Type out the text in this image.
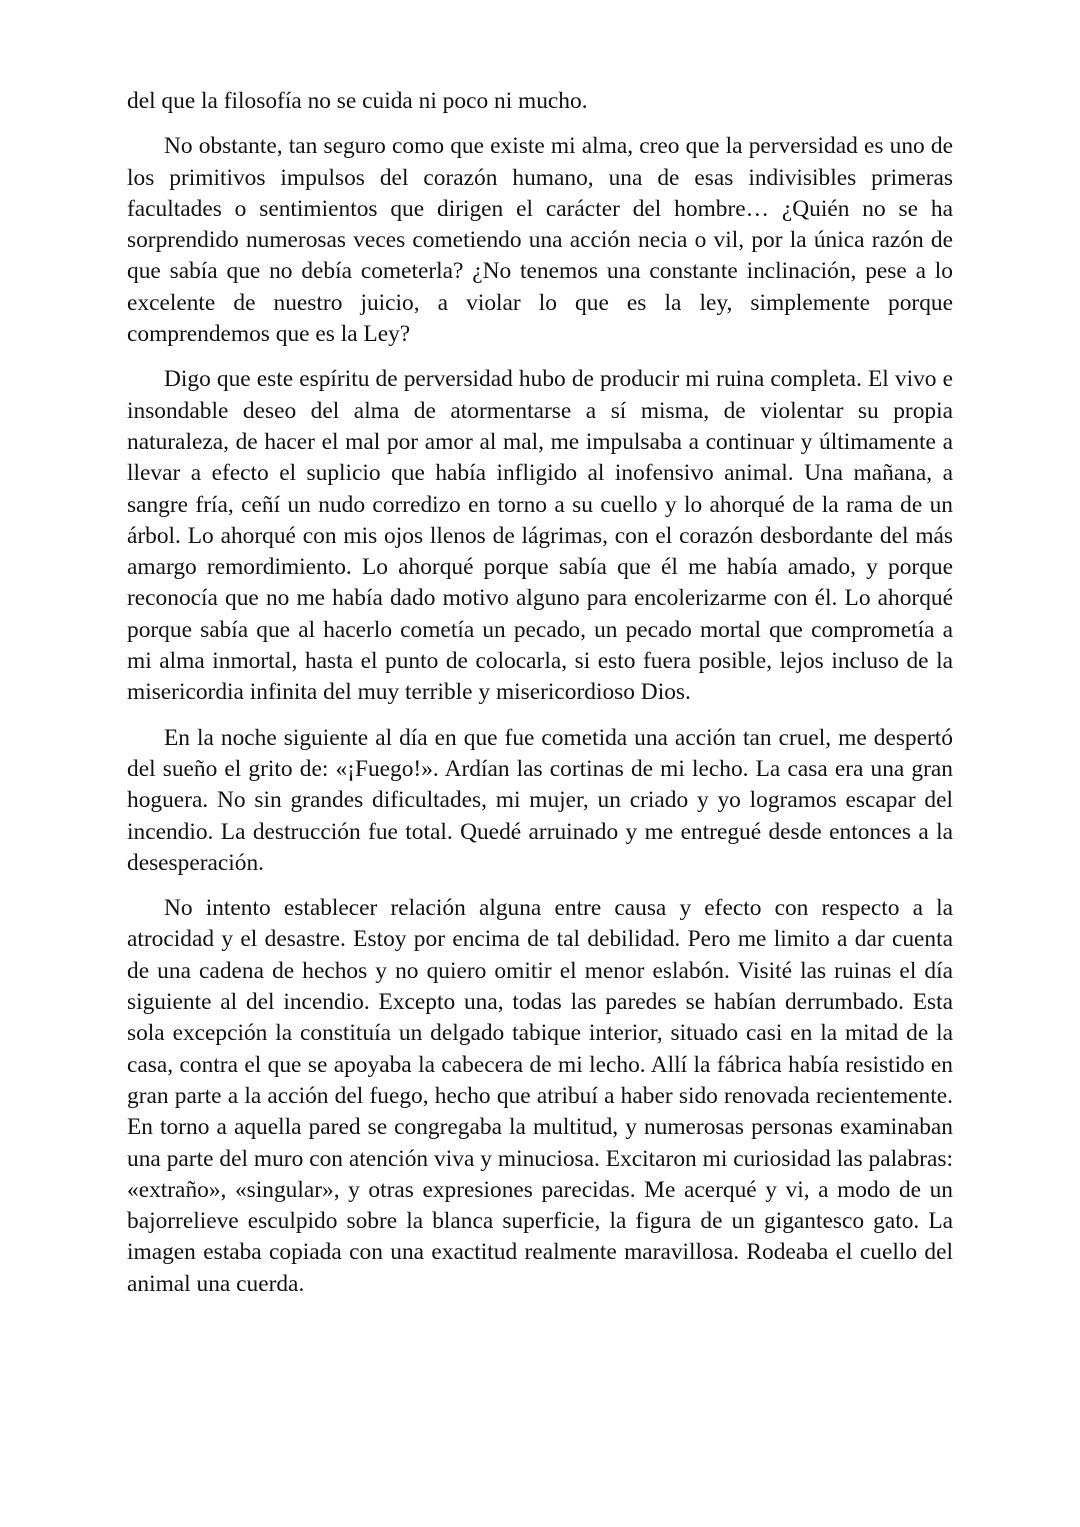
del que la filosofía no se cuida ni poco ni mucho.

No obstante, tan seguro como que existe mi alma, creo que la perversidad es uno de los primitivos impulsos del corazón humano, una de esas indivisibles primeras facultades o sentimientos que dirigen el carácter del hombre… ¿Quién no se ha sorprendido numerosas veces cometiendo una acción necia o vil, por la única razón de que sabía que no debía cometerla? ¿No tenemos una constante inclinación, pese a lo excelente de nuestro juicio, a violar lo que es la ley, simplemente porque comprendemos que es la Ley?

Digo que este espíritu de perversidad hubo de producir mi ruina completa. El vivo e insondable deseo del alma de atormentarse a sí misma, de violentar su propia naturaleza, de hacer el mal por amor al mal, me impulsaba a continuar y últimamente a llevar a efecto el suplicio que había infligido al inofensivo animal. Una mañana, a sangre fría, ceñí un nudo corredizo en torno a su cuello y lo ahorqué de la rama de un árbol. Lo ahorqué con mis ojos llenos de lágrimas, con el corazón desbordante del más amargo remordimiento. Lo ahorqué porque sabía que él me había amado, y porque reconocía que no me había dado motivo alguno para encolerizarme con él. Lo ahorqué porque sabía que al hacerlo cometía un pecado, un pecado mortal que comprometía a mi alma inmortal, hasta el punto de colocarla, si esto fuera posible, lejos incluso de la misericordia infinita del muy terrible y misericordioso Dios.

En la noche siguiente al día en que fue cometida una acción tan cruel, me despertó del sueño el grito de: «¡Fuego!». Ardían las cortinas de mi lecho. La casa era una gran hoguera. No sin grandes dificultades, mi mujer, un criado y yo logramos escapar del incendio. La destrucción fue total. Quedé arruinado y me entregué desde entonces a la desesperación.

No intento establecer relación alguna entre causa y efecto con respecto a la atrocidad y el desastre. Estoy por encima de tal debilidad. Pero me limito a dar cuenta de una cadena de hechos y no quiero omitir el menor eslabón. Visité las ruinas el día siguiente al del incendio. Excepto una, todas las paredes se habían derrumbado. Esta sola excepción la constituía un delgado tabique interior, situado casi en la mitad de la casa, contra el que se apoyaba la cabecera de mi lecho. Allí la fábrica había resistido en gran parte a la acción del fuego, hecho que atribuí a haber sido renovada recientemente. En torno a aquella pared se congregaba la multitud, y numerosas personas examinaban una parte del muro con atención viva y minuciosa. Excitaron mi curiosidad las palabras: «extraño», «singular», y otras expresiones parecidas. Me acerqué y vi, a modo de un bajorrelieve esculpido sobre la blanca superficie, la figura de un gigantesco gato. La imagen estaba copiada con una exactitud realmente maravillosa. Rodeaba el cuello del animal una cuerda.
